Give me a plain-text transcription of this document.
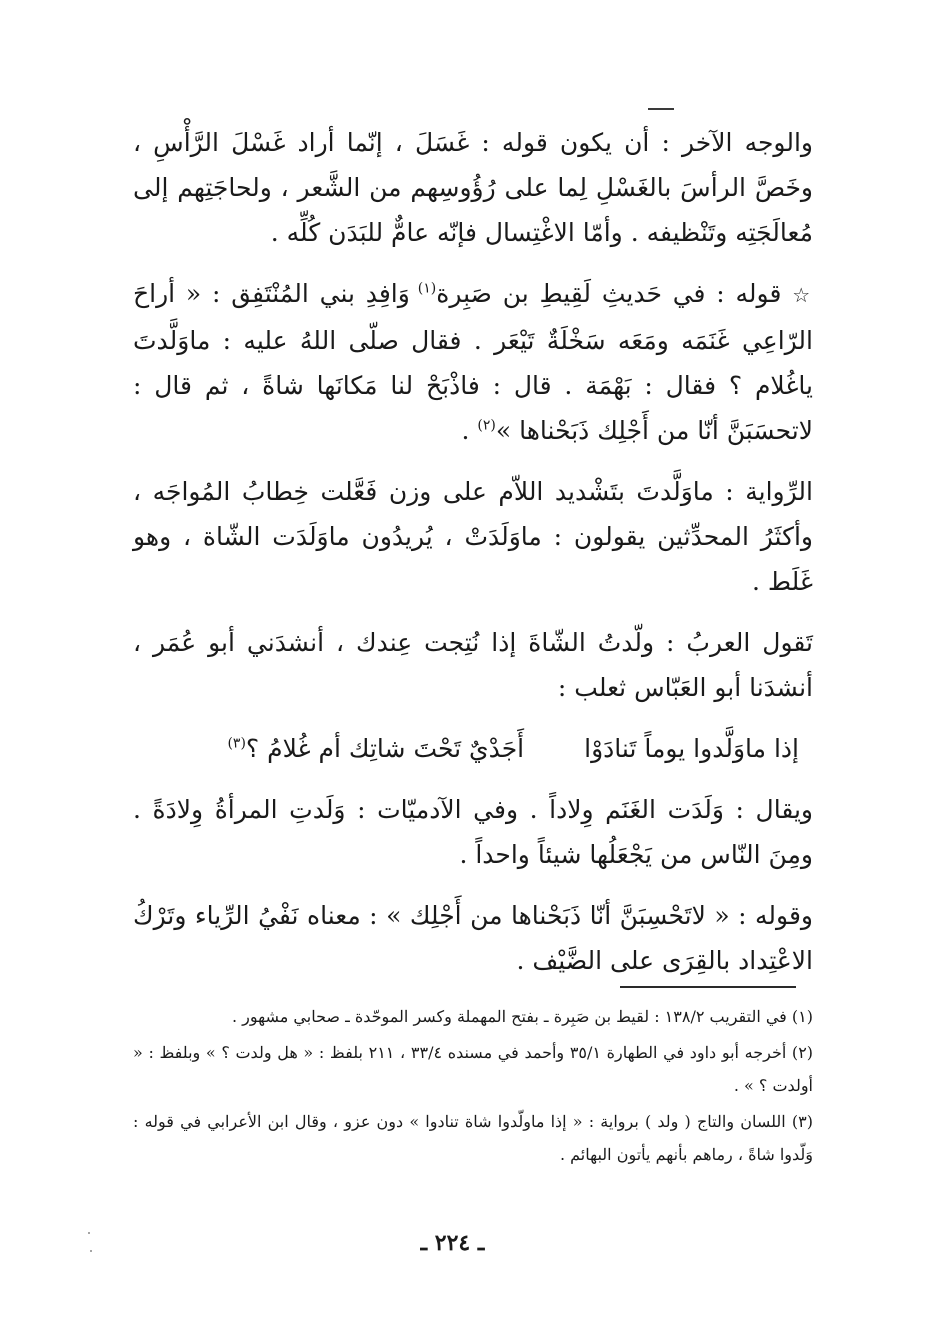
والوجه الآخر : أن يكون قوله : غَسَلَ ، إنّما أراد غَسْلَ الرَّأْسِ ، وخَصَّ الرأسَ بالغَسْلِ لِما على رُؤُوسِهم من الشَّعر ، ولحاجَتِهم إلى مُعالَجَتِه وتَنْظيفه . وأمّا الاغْتِسال فإنّه عامٌّ للبَدَن كُلِّه .

☆ قوله : في حَديثِ لَقِيطِ بن صَبِرة$^{(١)}$ وَافِدِ بني المُنْتَفِق : « أراحَ الرّاعِي غَنَمَه ومَعَه سَخْلَةٌ تَيْعَر . فقال صلّى اللهُ عليه : ماوَلَّدتَ ياغُلام ؟ فقال : بَهْمَة . قال : فاذْبَحْ لنا مَكانَها شاةً ، ثم قال : لاتحسَبَنَّ أنّا من أَجْلِك ذَبَحْناها »$^{(٢)}$ .

الرِّواية : ماوَلَّدتَ بتَشْديد اللاّم على وزن فَعَّلت خِطابُ المُواجَه ، وأكثَرُ المحدِّثين يقولون : ماوَلَدَتْ ، يُريدُون ماوَلَدَت الشّاة ، وهو غَلَط .

تَقول العربُ : ولّدتُ الشّاةَ إذا نُتِجت عِندك ، أنشدَني أبو عُمَر ، أنشدَنا أبو العَبّاس ثعلب :

إذا ماوَلَّدوا يوماً تَنادَوْا
أَجَدْيٌ تَحْتَ شاتِك أم غُلامُ ؟$^{(٣)}$

ويقال : وَلَدَت الغَنَم وِلاداً . وفي الآدميّات : وَلَدتِ المرأةُ وِلادَةً . ومِنَ النّاس من يَجْعَلُها شيئاً واحداً .

وقوله : « لاتَحْسِبَنَّ أنّا ذَبَحْناها من أَجْلِك » : معناه نَفْيُ الرِّياء وتَرْكُ الاعْتِداد بالقِرَى على الضَّيْف .

(١) في التقريب ١٣٨/٢ : لقيط بن صَبِرة ـ بفتح المهملة وكسر الموحّدة ـ صحابي مشهور .

(٢) أخرجه أبو داود في الطهارة ٣٥/١ وأحمد في مسنده ٣٣/٤ ، ٢١١ بلفظ : « هل ولدت ؟ » وبلفظ : « أولدت ؟ » .

(٣) اللسان والتاج ( ولد ) برواية : « إذا ماولّدوا شاة تنادوا » دون عزو ، وقال ابن الأعرابي في قوله : وَلّدوا شاةً ، رماهم بأنهم يأتون البهائم .

ـ ٢٢٤ ـ
